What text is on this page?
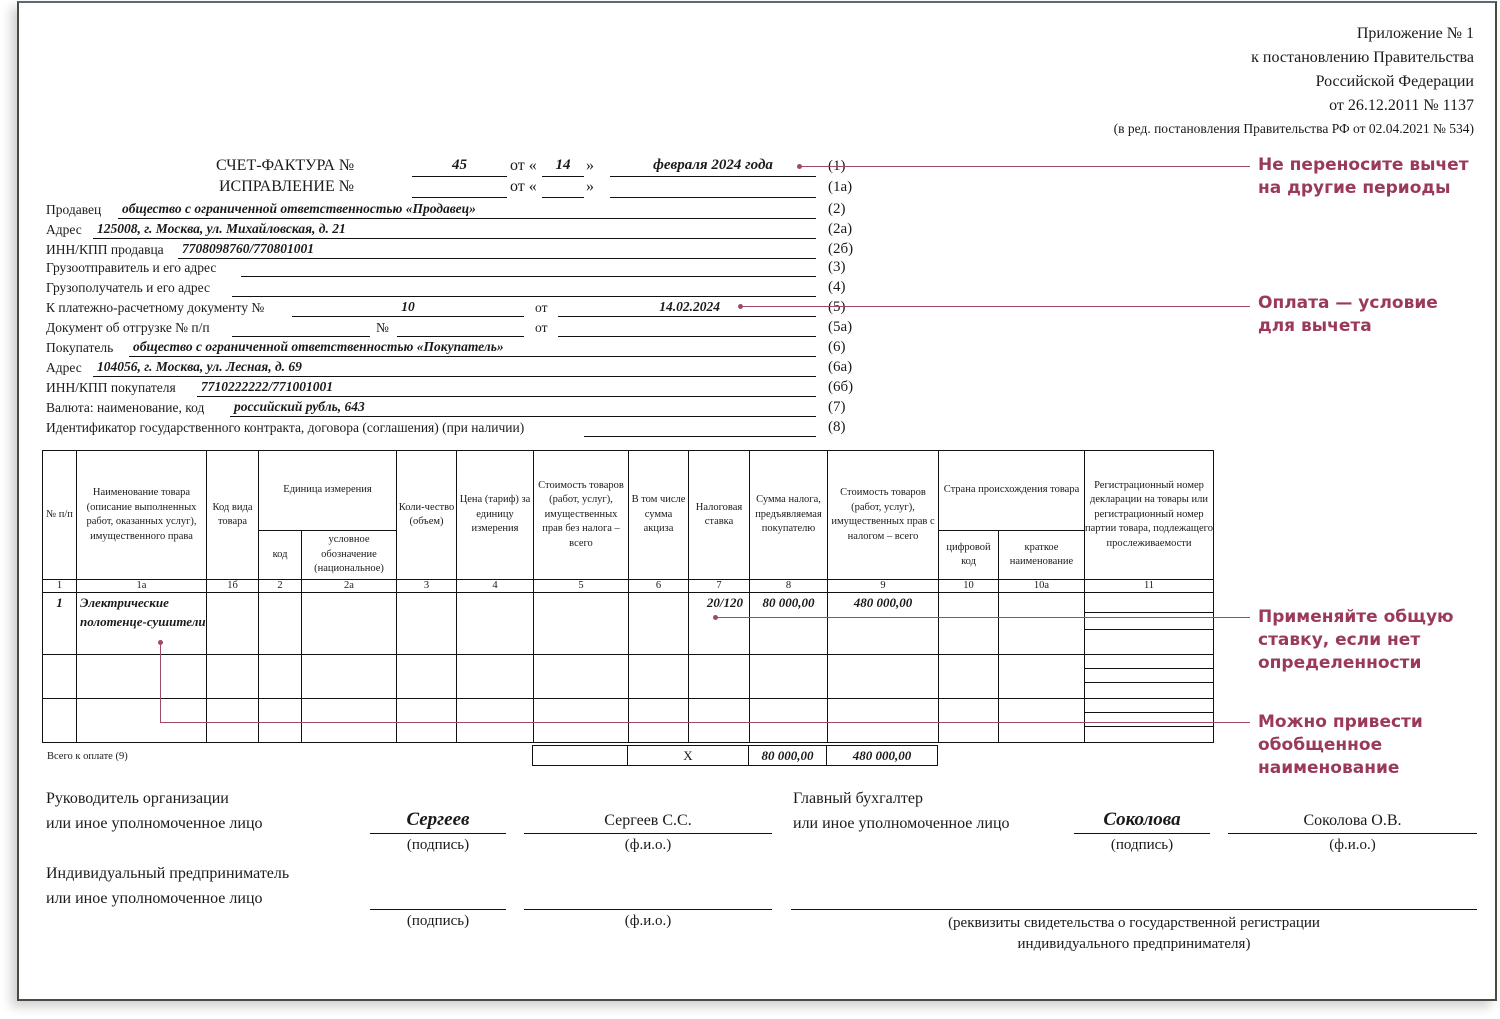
Приложение № 1
к постановлению Правительства
Российской Федерации
от 26.12.2011 № 1137
(в ред. постановления Правительства РФ от 02.04.2021 № 534)
СЧЕТ-ФАКТУРА №	45	от «	14 »	февраля 2024 года	(1)
ИСПРАВЛЕНИЕ №	от «	»	(1а)
Продавец общество с ограниченной ответственностью «Продавец»	(2)
Адрес 125008, г. Москва, ул. Михайловская, д. 21	(2а)
ИНН/КПП продавца 7708098760/770801001	(2б)
Грузоотправитель и его адрес	(3)
Грузополучатель и его адрес	(4)
К платежно-расчетному документу №	10	от	14.02.2024	(5)
Документ об отгрузке № п/п	№	от	(5а)
Покупатель общество с ограниченной ответственностью «Покупатель»	(6)
Адрес 104056, г. Москва, ул. Лесная, д. 69	(6а)
ИНН/КПП покупателя 7710222222/771001001	(6б)
Валюта: наименование, код российский рубль, 643	(7)
Идентификатор государственного контракта, договора (соглашения) (при наличии)	(8)
№ п/п	Наименование товара (описание выполненных работ, оказанных услуг), имущественного права	Код вида товара	Единица измерения	Коли-чество (объем)	Цена (тариф) за единицу измерения	Стоимость товаров (работ, услуг), имущественных прав без налога – всего	В том числе сумма акциза	Налоговая ставка	Сумма налога, предъявляемая покупателю	Стоимость товаров (работ, услуг), имущественных прав с налогом – всего	Страна происхождения товара	Регистрационный номер декларации на товары или регистрационный номер партии товара, подлежащего прослеживаемости
код	условное обозначение (национальное)	цифровой код	краткое наименование
1	1а	1б	2	2а	3	4	5	6	7	8	9	10	10а	11
1	Электрические полотенце-сушители								20/120	80 000,00	480 000,00			

Всего к оплате (9)
		X	80 000,00	480 000,00
Руководитель организации
или иное уполномоченное лицо	Сергеев
(подпись)
Сергеев С.С.
(ф.и.о.)
Главный бухгалтер
или иное уполномоченное лицо	Соколова
(подпись)
Соколова О.В.
(ф.и.о.)
Индивидуальный предприниматель
или иное уполномоченное лицо
(подпись)	(ф.и.о.)	(реквизиты свидетельства о государственной регистрации
индивидуального предпринимателя)
Не переносите вычет
на другие периоды
Оплата — условие
для вычета
Применяйте общую
ставку, если нет
определенности
Можно привести
обобщенное
наименование
